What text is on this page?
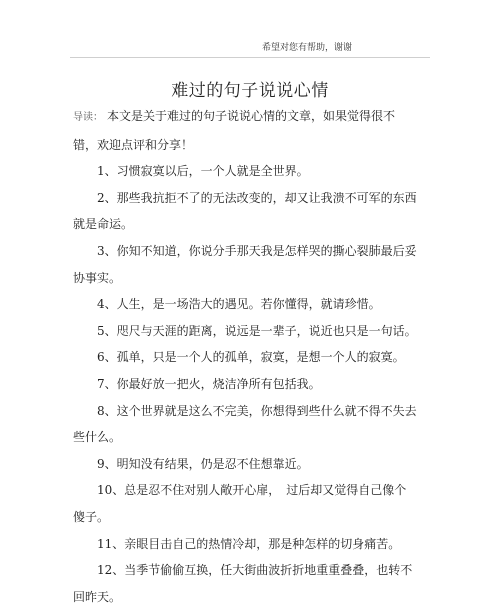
希望对您有帮助，谢谢
难过的句子说说心情

导读： 本文是关于难过的句子说说心情的文章，如果觉得很不错，欢迎点评和分享！

1、习惯寂寞以后，一个人就是全世界。

2、那些我抗拒不了的无法改变的，却又让我溃不可军的东西就是命运。

3、你知不知道，你说分手那天我是怎样哭的撕心裂肺最后妥协事实。

4、人生，是一场浩大的遇见。若你懂得，就请珍惜。

5、咫尺与天涯的距离，说远是一辈子，说近也只是一句话。

6、孤单，只是一个人的孤单，寂寞，是想一个人的寂寞。

7、你最好放一把火，烧洁净所有包括我。

8、这个世界就是这么不完美，你想得到些什么就不得不失去些什么。

9、明知没有结果，仍是忍不住想靠近。

10、总是忍不住对别人敞开心扉，　过后却又觉得自己像个傻子。

11、亲眼目击自己的热情冷却，那是种怎样的切身痛苦。

12、当季节偷偷互换，任大街曲波折折地重重叠叠，也转不回昨天。
